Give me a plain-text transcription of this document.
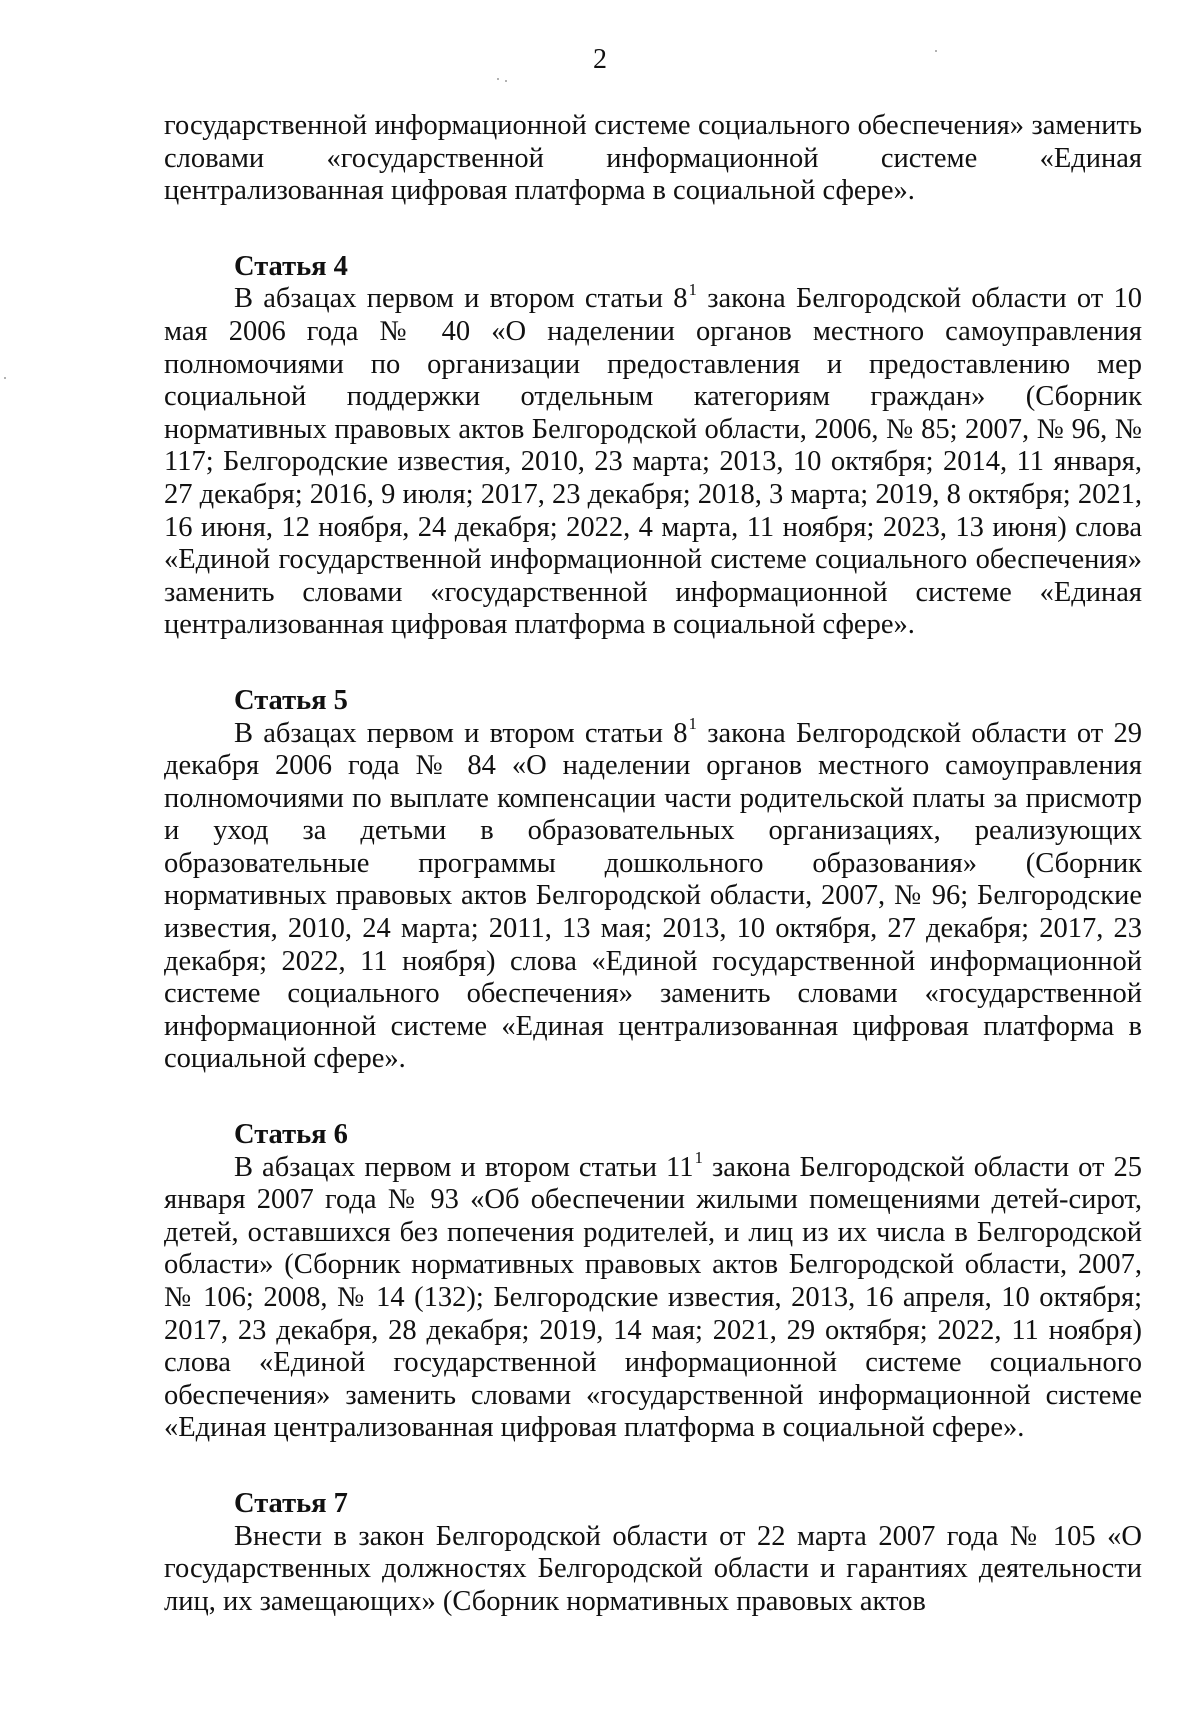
2

государственной информационной системе социального обеспечения» заменить словами «государственной информационной системе «Единая централизованная цифровая платформа в социальной сфере».

Статья 4

В абзацах первом и втором статьи $8^1$ закона Белгородской области от 10 мая 2006 года № 40 «О наделении органов местного самоуправления полномочиями по организации предоставления и предоставлению мер социальной поддержки отдельным категориям граждан» (Сборник нормативных правовых актов Белгородской области, 2006, № 85; 2007, № 96, № 117; Белгородские известия, 2010, 23 марта; 2013, 10 октября; 2014, 11 января, 27 декабря; 2016, 9 июля; 2017, 23 декабря; 2018, 3 марта; 2019, 8 октября; 2021, 16 июня, 12 ноября, 24 декабря; 2022, 4 марта, 11 ноября; 2023, 13 июня) слова «Единой государственной информационной системе социального обеспечения» заменить словами «государственной информационной системе «Единая централизованная цифровая платформа в социальной сфере».

Статья 5

В абзацах первом и втором статьи $8^1$ закона Белгородской области от 29 декабря 2006 года № 84 «О наделении органов местного самоуправления полномочиями по выплате компенсации части родительской платы за присмотр и уход за детьми в образовательных организациях, реализующих образовательные программы дошкольного образования» (Сборник нормативных правовых актов Белгородской области, 2007, № 96; Белгородские известия, 2010, 24 марта; 2011, 13 мая; 2013, 10 октября, 27 декабря; 2017, 23 декабря; 2022, 11 ноября) слова «Единой государственной информационной системе социального обеспечения» заменить словами «государственной информационной системе «Единая централизованная цифровая платформа в социальной сфере».

Статья 6

В абзацах первом и втором статьи $11^1$ закона Белгородской области от 25 января 2007 года № 93 «Об обеспечении жилыми помещениями детей-сирот, детей, оставшихся без попечения родителей, и лиц из их числа в Белгородской области» (Сборник нормативных правовых актов Белгородской области, 2007, № 106; 2008, № 14 (132); Белгородские известия, 2013, 16 апреля, 10 октября; 2017, 23 декабря, 28 декабря; 2019, 14 мая; 2021, 29 октября; 2022, 11 ноября) слова «Единой государственной информационной системе социального обеспечения» заменить словами «государственной информационной системе «Единая централизованная цифровая платформа в социальной сфере».

Статья 7

Внести в закон Белгородской области от 22 марта 2007 года № 105 «О государственных должностях Белгородской области и гарантиях деятельности лиц, их замещающих» (Сборник нормативных правовых актов
